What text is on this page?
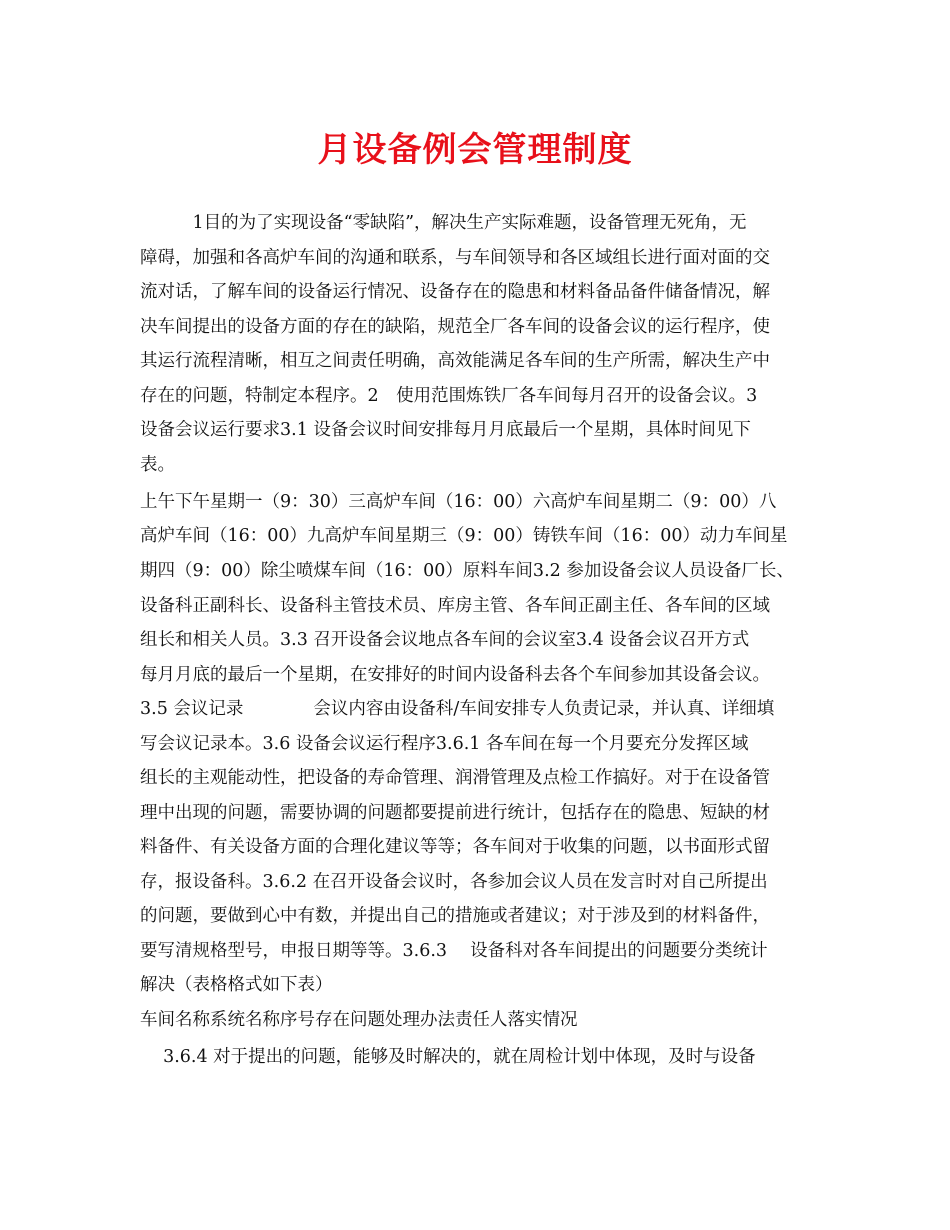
月设备例会管理制度
　　　1目的为了实现设备“零缺陷”，解决生产实际难题，设备管理无死角，无
障碍，加强和各高炉车间的沟通和联系，与车间领导和各区域组长进行面对面的交
流对话，了解车间的设备运行情况、设备存在的隐患和材料备品备件储备情况，解
决车间提出的设备方面的存在的缺陷，规范全厂各车间的设备会议的运行程序，使
其运行流程清晰，相互之间责任明确，高效能满足各车间的生产所需，解决生产中
存在的问题，特制定本程序。2　使用范围炼铁厂各车间每月召开的设备会议。3
设备会议运行要求3.1 设备会议时间安排每月月底最后一个星期，具体时间见下
表。
上午下午星期一（9：30）三高炉车间（16：00）六高炉车间星期二（9：00）八
高炉车间（16：00）九高炉车间星期三（9：00）铸铁车间（16：00）动力车间星
期四（9：00）除尘喷煤车间（16：00）原料车间3.2 参加设备会议人员设备厂长、
设备科正副科长、设备科主管技术员、库房主管、各车间正副主任、各车间的区域
组长和相关人员。3.3 召开设备会议地点各车间的会议室3.4 设备会议召开方式
每月月底的最后一个星期，在安排好的时间内设备科去各个车间参加其设备会议。
3.5 会议记录　　　　会议内容由设备科/车间安排专人负责记录，并认真、详细填
写会议记录本。3.6 设备会议运行程序3.6.1 各车间在每一个月要充分发挥区域
组长的主观能动性，把设备的寿命管理、润滑管理及点检工作搞好。对于在设备管
理中出现的问题，需要协调的问题都要提前进行统计，包括存在的隐患、短缺的材
料备件、有关设备方面的合理化建议等等；各车间对于收集的问题，以书面形式留
存，报设备科。3.6.2 在召开设备会议时，各参加会议人员在发言时对自己所提出
的问题，要做到心中有数，并提出自己的措施或者建议；对于涉及到的材料备件，
要写清规格型号，申报日期等等。3.6.3　 设备科对各车间提出的问题要分类统计
解决（表格格式如下表）
车间名称系统名称序号存在问题处理办法责任人落实情况
　 3.6.4 对于提出的问题，能够及时解决的，就在周检计划中体现，及时与设备
